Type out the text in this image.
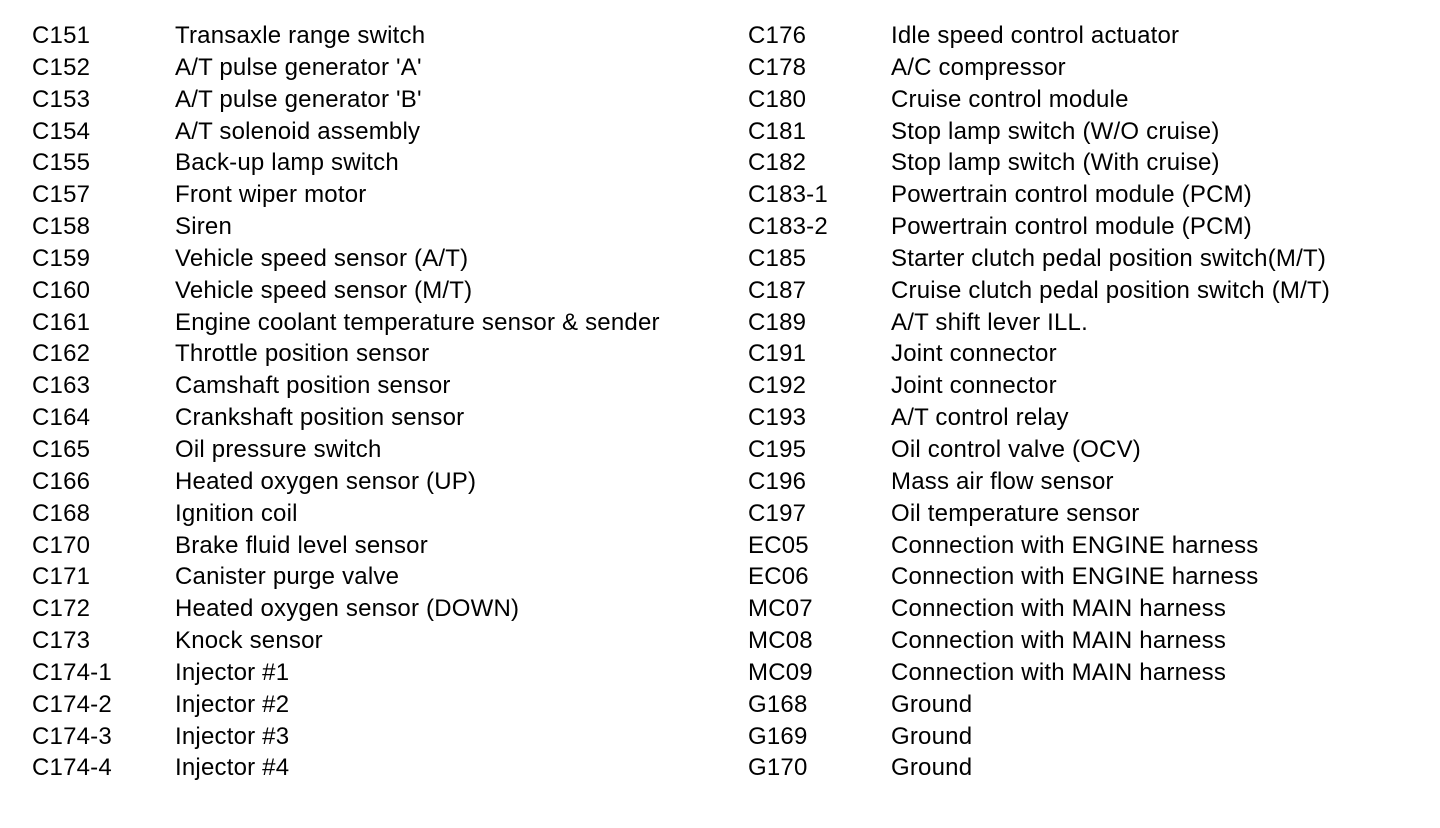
C151	Transaxle range switch
C152	A/T pulse generator 'A'
C153	A/T pulse generator 'B'
C154	A/T solenoid assembly
C155	Back-up lamp switch
C157	Front wiper motor
C158	Siren
C159	Vehicle speed sensor (A/T)
C160	Vehicle speed sensor (M/T)
C161	Engine coolant temperature sensor & sender
C162	Throttle position sensor
C163	Camshaft position sensor
C164	Crankshaft position sensor
C165	Oil pressure switch
C166	Heated oxygen sensor (UP)
C168	Ignition coil
C170	Brake fluid level sensor
C171	Canister purge valve
C172	Heated oxygen sensor (DOWN)
C173	Knock sensor
C174-1	Injector #1
C174-2	Injector #2
C174-3	Injector #3
C174-4	Injector #4
C176	Idle speed control actuator
C178	A/C compressor
C180	Cruise control module
C181	Stop lamp switch (W/O cruise)
C182	Stop lamp switch (With cruise)
C183-1	Powertrain control module (PCM)
C183-2	Powertrain control module (PCM)
C185	Starter clutch pedal position switch(M/T)
C187	Cruise clutch pedal position switch (M/T)
C189	A/T shift lever ILL.
C191	Joint connector
C192	Joint connector
C193	A/T control relay
C195	Oil control valve (OCV)
C196	Mass air flow sensor
C197	Oil temperature sensor
EC05	Connection with ENGINE harness
EC06	Connection with ENGINE harness
MC07	Connection with MAIN harness
MC08	Connection with MAIN harness
MC09	Connection with MAIN harness
G168	Ground
G169	Ground
G170	Ground
